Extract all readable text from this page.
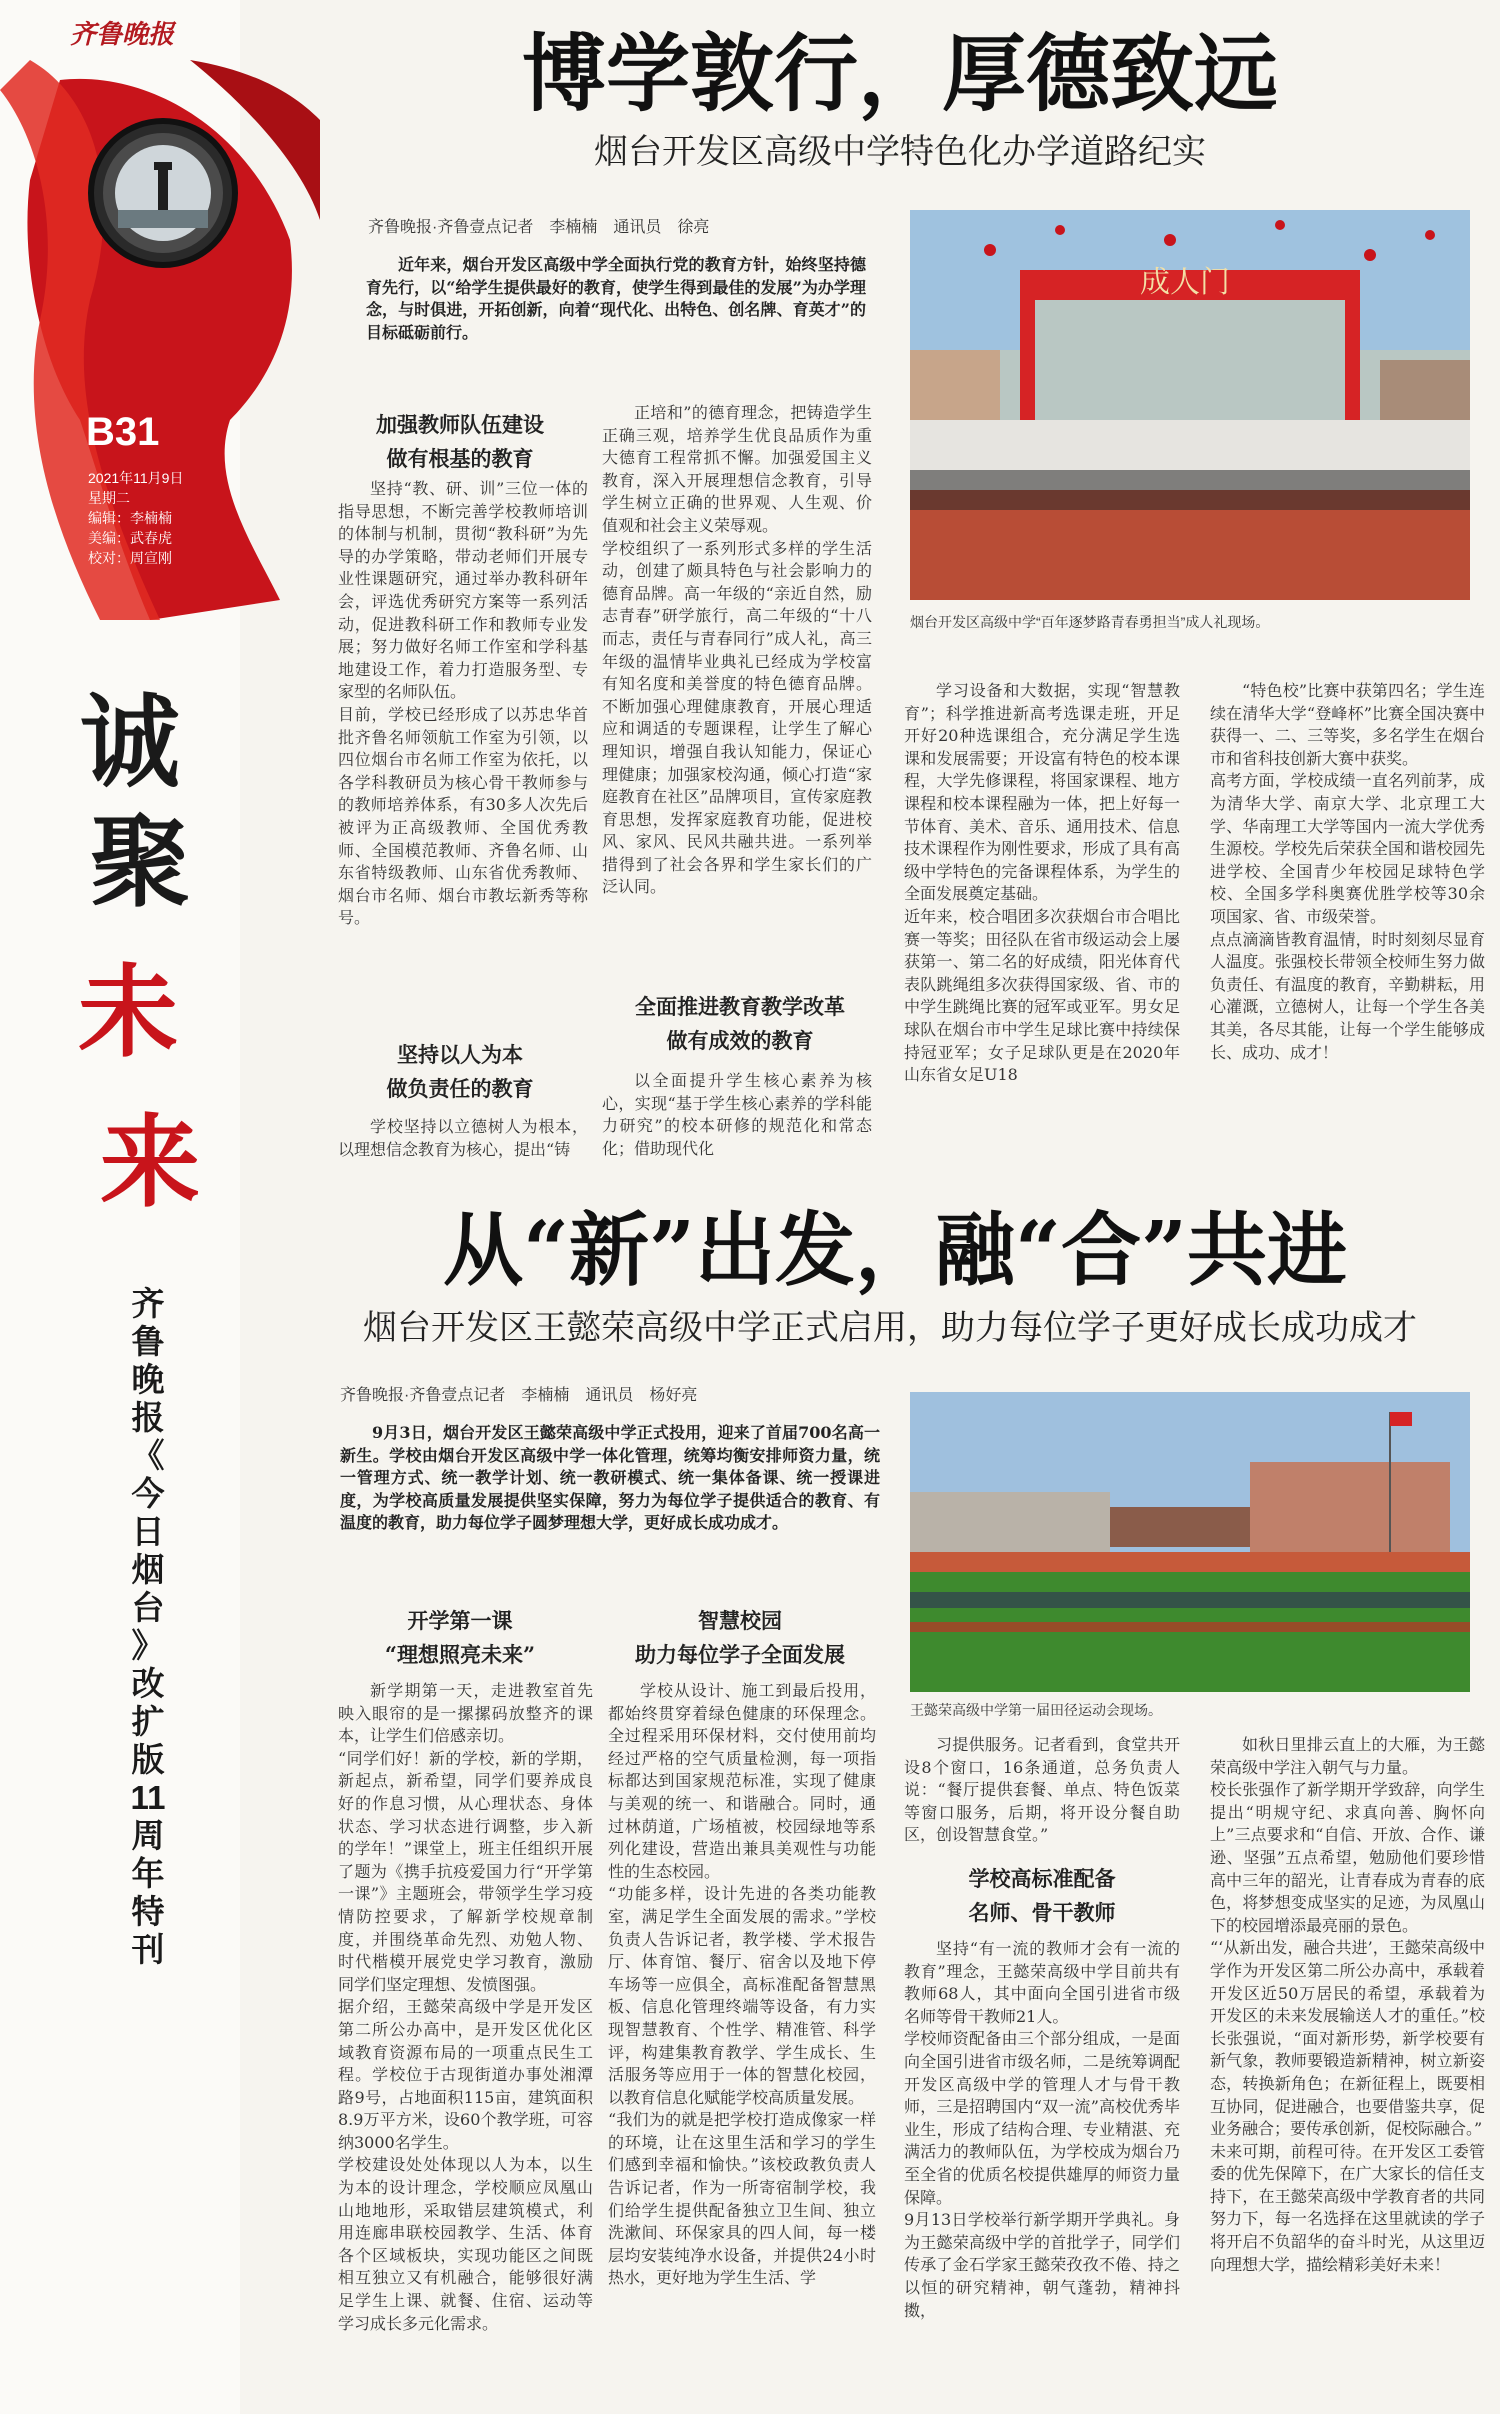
齐鲁晚报
B31
2021年11月9日
星期二
编辑：李楠楠
美编：武春虎
校对：周宣刚
诚
聚
未
来
齐
鲁
晚
报
《
今
日
烟
台
》
改
扩
版
11
周
年
特
刊
博学敦行，厚德致远
烟台开发区高级中学特色化办学道路纪实
齐鲁晚报·齐鲁壹点记者　李楠楠　通讯员　徐亮

近年来，烟台开发区高级中学全面执行党的教育方针，始终坚持德育先行，以“给学生提供最好的教育，使学生得到最佳的发展”为办学理念，与时俱进，开拓创新，向着“现代化、出特色、创名牌、育英才”的目标砥砺前行。

成人门
烟台开发区高级中学“百年逐梦路青春勇担当”成人礼现场。
加强教师队伍建设
做有根基的教育

坚持“教、研、训”三位一体的指导思想，不断完善学校教师培训的体制与机制，贯彻“教科研”为先导的办学策略，带动老师们开展专业性课题研究，通过举办教科研年会，评选优秀研究方案等一系列活动，促进教科研工作和教师专业发展；努力做好名师工作室和学科基地建设工作，着力打造服务型、专家型的名师队伍。
目前，学校已经形成了以苏忠华首批齐鲁名师领航工作室为引领，以四位烟台市名师工作室为依托，以各学科教研员为核心骨干教师参与的教师培养体系，有30多人次先后被评为正高级教师、全国优秀教师、全国模范教师、齐鲁名师、山东省特级教师、山东省优秀教师、烟台市名师、烟台市教坛新秀等称号。

坚持以人为本
做负责任的教育

学校坚持以立德树人为根本，以理想信念教育为核心，提出“铸

正培和”的德育理念，把铸造学生正确三观，培养学生优良品质作为重大德育工程常抓不懈。加强爱国主义教育，深入开展理想信念教育，引导学生树立正确的世界观、人生观、价值观和社会主义荣辱观。
学校组织了一系列形式多样的学生活动，创建了颇具特色与社会影响力的德育品牌。高一年级的“亲近自然，励志青春”研学旅行，高二年级的“十八而志，责任与青春同行”成人礼，高三年级的温情毕业典礼已经成为学校富有知名度和美誉度的特色德育品牌。不断加强心理健康教育，开展心理适应和调适的专题课程，让学生了解心理知识，增强自我认知能力，保证心理健康；加强家校沟通，倾心打造“家庭教育在社区”品牌项目，宣传家庭教育思想，发挥家庭教育功能，促进校风、家风、民风共融共进。一系列举措得到了社会各界和学生家长们的广泛认同。

全面推进教育教学改革
做有成效的教育

以全面提升学生核心素养为核心，实现“基于学生核心素养的学科能力研究”的校本研修的规范化和常态化；借助现代化

学习设备和大数据，实现“智慧教育”；科学推进新高考选课走班，开足开好20种选课组合，充分满足学生选课和发展需要；开设富有特色的校本课程，大学先修课程，将国家课程、地方课程和校本课程融为一体，把上好每一节体育、美术、音乐、通用技术、信息技术课程作为刚性要求，形成了具有高级中学特色的完备课程体系，为学生的全面发展奠定基础。
近年来，校合唱团多次获烟台市合唱比赛一等奖；田径队在省市级运动会上屡获第一、第二名的好成绩，阳光体育代表队跳绳组多次获得国家级、省、市的中学生跳绳比赛的冠军或亚军。男女足球队在烟台市中学生足球比赛中持续保持冠亚军；女子足球队更是在2020年山东省女足U18

“特色校”比赛中获第四名；学生连续在清华大学“登峰杯”比赛全国决赛中获得一、二、三等奖，多名学生在烟台市和省科技创新大赛中获奖。
高考方面，学校成绩一直名列前茅，成为清华大学、南京大学、北京理工大学、华南理工大学等国内一流大学优秀生源校。学校先后荣获全国和谐校园先进学校、全国青少年校园足球特色学校、全国多学科奥赛优胜学校等30余项国家、省、市级荣誉。
点点滴滴皆教育温情，时时刻刻尽显育人温度。张强校长带领全校师生努力做负责任、有温度的教育，辛勤耕耘，用心灌溉，立德树人，让每一个学生各美其美，各尽其能，让每一个学生能够成长、成功、成才！

从“新”出发，融“合”共进
烟台开发区王懿荣高级中学正式启用，助力每位学子更好成长成功成才
齐鲁晚报·齐鲁壹点记者　李楠楠　通讯员　杨好亮

9月3日，烟台开发区王懿荣高级中学正式投用，迎来了首届700名高一新生。学校由烟台开发区高级中学一体化管理，统筹均衡安排师资力量，统一管理方式、统一教学计划、统一教研模式、统一集体备课、统一授课进度，为学校高质量发展提供坚实保障，努力为每位学子提供适合的教育、有温度的教育，助力每位学子圆梦理想大学，更好成长成功成才。

王懿荣高级中学第一届田径运动会现场。
开学第一课
“理想照亮未来”

新学期第一天，走进教室首先映入眼帘的是一摞摞码放整齐的课本，让学生们倍感亲切。
“同学们好！新的学校，新的学期，新起点，新希望，同学们要养成良好的作息习惯，从心理状态、身体状态、学习状态进行调整，步入新的学年！”课堂上，班主任组织开展了题为《携手抗疫爱国力行“开学第一课”》主题班会，带领学生学习疫情防控要求，了解新学校规章制度，并围绕革命先烈、劝勉人物、时代楷模开展党史学习教育，激励同学们坚定理想、发愤图强。
据介绍，王懿荣高级中学是开发区第二所公办高中，是开发区优化区域教育资源布局的一项重点民生工程。学校位于古现街道办事处湘潭路9号，占地面积115亩，建筑面积8.9万平方米，设60个教学班，可容纳3000名学生。
学校建设处处体现以人为本，以生为本的设计理念，学校顺应凤凰山山地地形，采取错层建筑模式，利用连廊串联校园教学、生活、体育各个区域板块，实现功能区之间既相互独立又有机融合，能够很好满足学生上课、就餐、住宿、运动等学习成长多元化需求。

智慧校园
助力每位学子全面发展

学校从设计、施工到最后投用，都始终贯穿着绿色健康的环保理念。全过程采用环保材料，交付使用前均经过严格的空气质量检测，每一项指标都达到国家规范标准，实现了健康与美观的统一、和谐融合。同时，通过林荫道，广场植被，校园绿地等系列化建设，营造出兼具美观性与功能性的生态校园。
“功能多样，设计先进的各类功能教室，满足学生全面发展的需求。”学校负责人告诉记者，教学楼、学术报告厅、体育馆、餐厅、宿舍以及地下停车场等一应俱全，高标准配备智慧黑板、信息化管理终端等设备，有力实现智慧教育、个性学、精准管、科学评，构建集教育教学、学生成长、生活服务等应用于一体的智慧化校园，以教育信息化赋能学校高质量发展。
“我们为的就是把学校打造成像家一样的环境，让在这里生活和学习的学生们感到幸福和愉快。”该校政教负责人告诉记者，作为一所寄宿制学校，我们给学生提供配备独立卫生间、独立洗漱间、环保家具的四人间，每一楼层均安装纯净水设备，并提供24小时热水，更好地为学生生活、学

习提供服务。记者看到，食堂共开设8个窗口，16条通道，总务负责人说：“餐厅提供套餐、单点、特色饭菜等窗口服务，后期，将开设分餐自助区，创设智慧食堂。”

学校高标准配备
名师、骨干教师

坚持“有一流的教师才会有一流的教育”理念，王懿荣高级中学目前共有教师68人，其中面向全国引进省市级名师等骨干教师21人。
学校师资配备由三个部分组成，一是面向全国引进省市级名师，二是统筹调配开发区高级中学的管理人才与骨干教师，三是招聘国内“双一流”高校优秀毕业生，形成了结构合理、专业精湛、充满活力的教师队伍，为学校成为烟台乃至全省的优质名校提供雄厚的师资力量保障。
9月13日学校举行新学期开学典礼。身为王懿荣高级中学的首批学子，同学们传承了金石学家王懿荣孜孜不倦、持之以恒的研究精神，朝气蓬勃，精神抖擞，

如秋日里排云直上的大雁，为王懿荣高级中学注入朝气与力量。
校长张强作了新学期开学致辞，向学生提出“明规守纪、求真向善、胸怀向上”三点要求和“自信、开放、合作、谦逊、坚强”五点希望，勉励他们要珍惜高中三年的韶光，让青春成为青春的底色，将梦想变成坚实的足迹，为凤凰山下的校园增添最亮丽的景色。
“‘从新出发，融合共进’，王懿荣高级中学作为开发区第二所公办高中，承载着开发区近50万居民的希望，承载着为开发区的未来发展输送人才的重任。”校长张强说，“面对新形势，新学校要有新气象，教师要锻造新精神，树立新姿态，转换新角色；在新征程上，既要相互协同，促进融合，也要借鉴共享，促业务融合；要传承创新，促校际融合。”
未来可期，前程可待。在开发区工委管委的优先保障下，在广大家长的信任支持下，在王懿荣高级中学教育者的共同努力下，每一名选择在这里就读的学子将开启不负韶华的奋斗时光，从这里迈向理想大学，描绘精彩美好未来！
